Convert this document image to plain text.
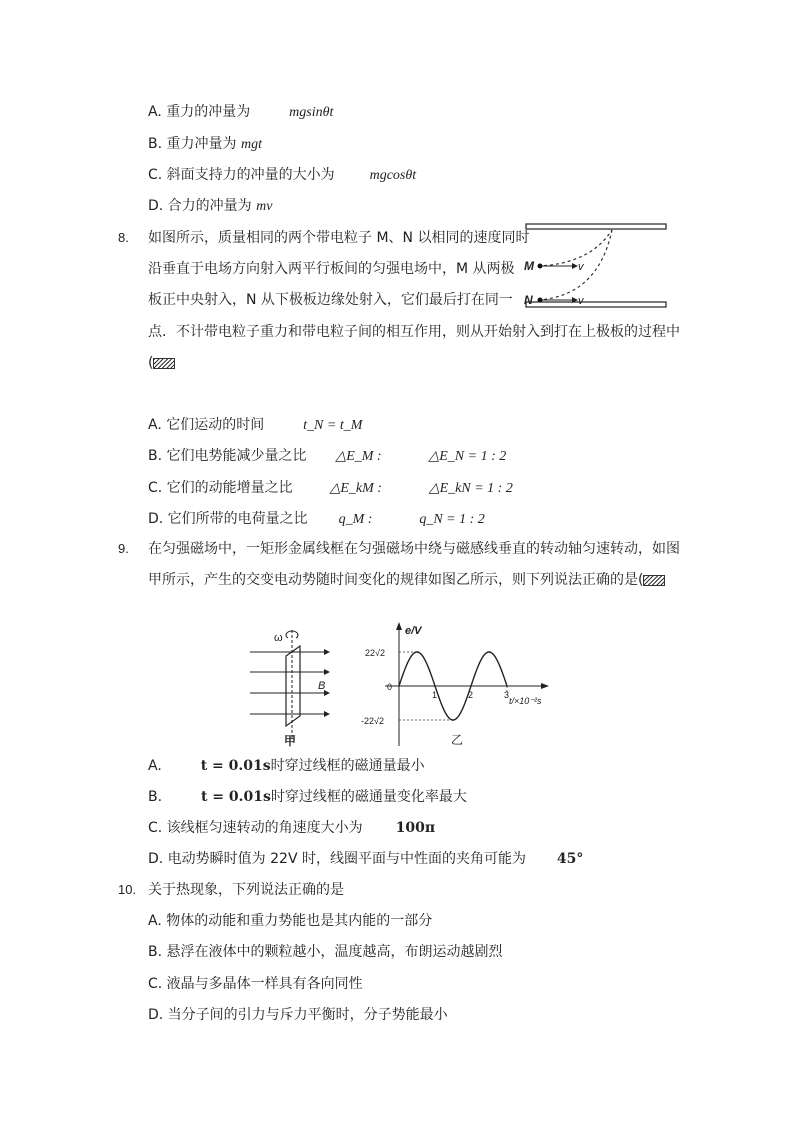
A. 重力的冲量为	mgsinθt
B. 重力冲量为 mgt
C. 斜面支持力的冲量的大小为 mgcosθt
D. 合力的冲量为 mv
8. 如图所示，质量相同的两个带电粒子 M、N 以相同的速度同时
沿垂直于电场方向射入两平行板间的匀强电场中，M 从两极
板正中央射入，N 从下极板边缘处射入，它们最后打在同一
点．不计带电粒子重力和带电粒子间的相互作用，则从开始射入到打在上极板的过程中
(
M
N
v
v
A. 它们运动的时间	t_N = t_M
B. 它们电势能减少量之比 △E_M :	△E_N = 1 : 2
C. 它们的动能增量之比	△E_kM :	△E_kN = 1 : 2
D. 它们所带的电荷量之比 q_M :	q_N = 1 : 2
9. 在匀强磁场中，一矩形金属线框在匀强磁场中绕与磁感线垂直的转动轴匀速转动，如图
甲所示，产生的交变电动势随时间变化的规律如图乙所示，则下列说法正确的是(
ω
B
甲
e/V
t/×10⁻²s
22√2
-22√2
乙
0
1	2	3
A.	t = 0.01s时穿过线框的磁通量最小
B.	t = 0.01s时穿过线框的磁通量变化率最大
C. 该线框匀速转动的角速度大小为 100π
D. 电动势瞬时值为 22V 时，线圈平面与中性面的夹角可能为 45°
10. 关于热现象，下列说法正确的是
A. 物体的动能和重力势能也是其内能的一部分
B. 悬浮在液体中的颗粒越小，温度越高，布朗运动越剧烈
C. 液晶与多晶体一样具有各向同性
D. 当分子间的引力与斥力平衡时，分子势能最小
